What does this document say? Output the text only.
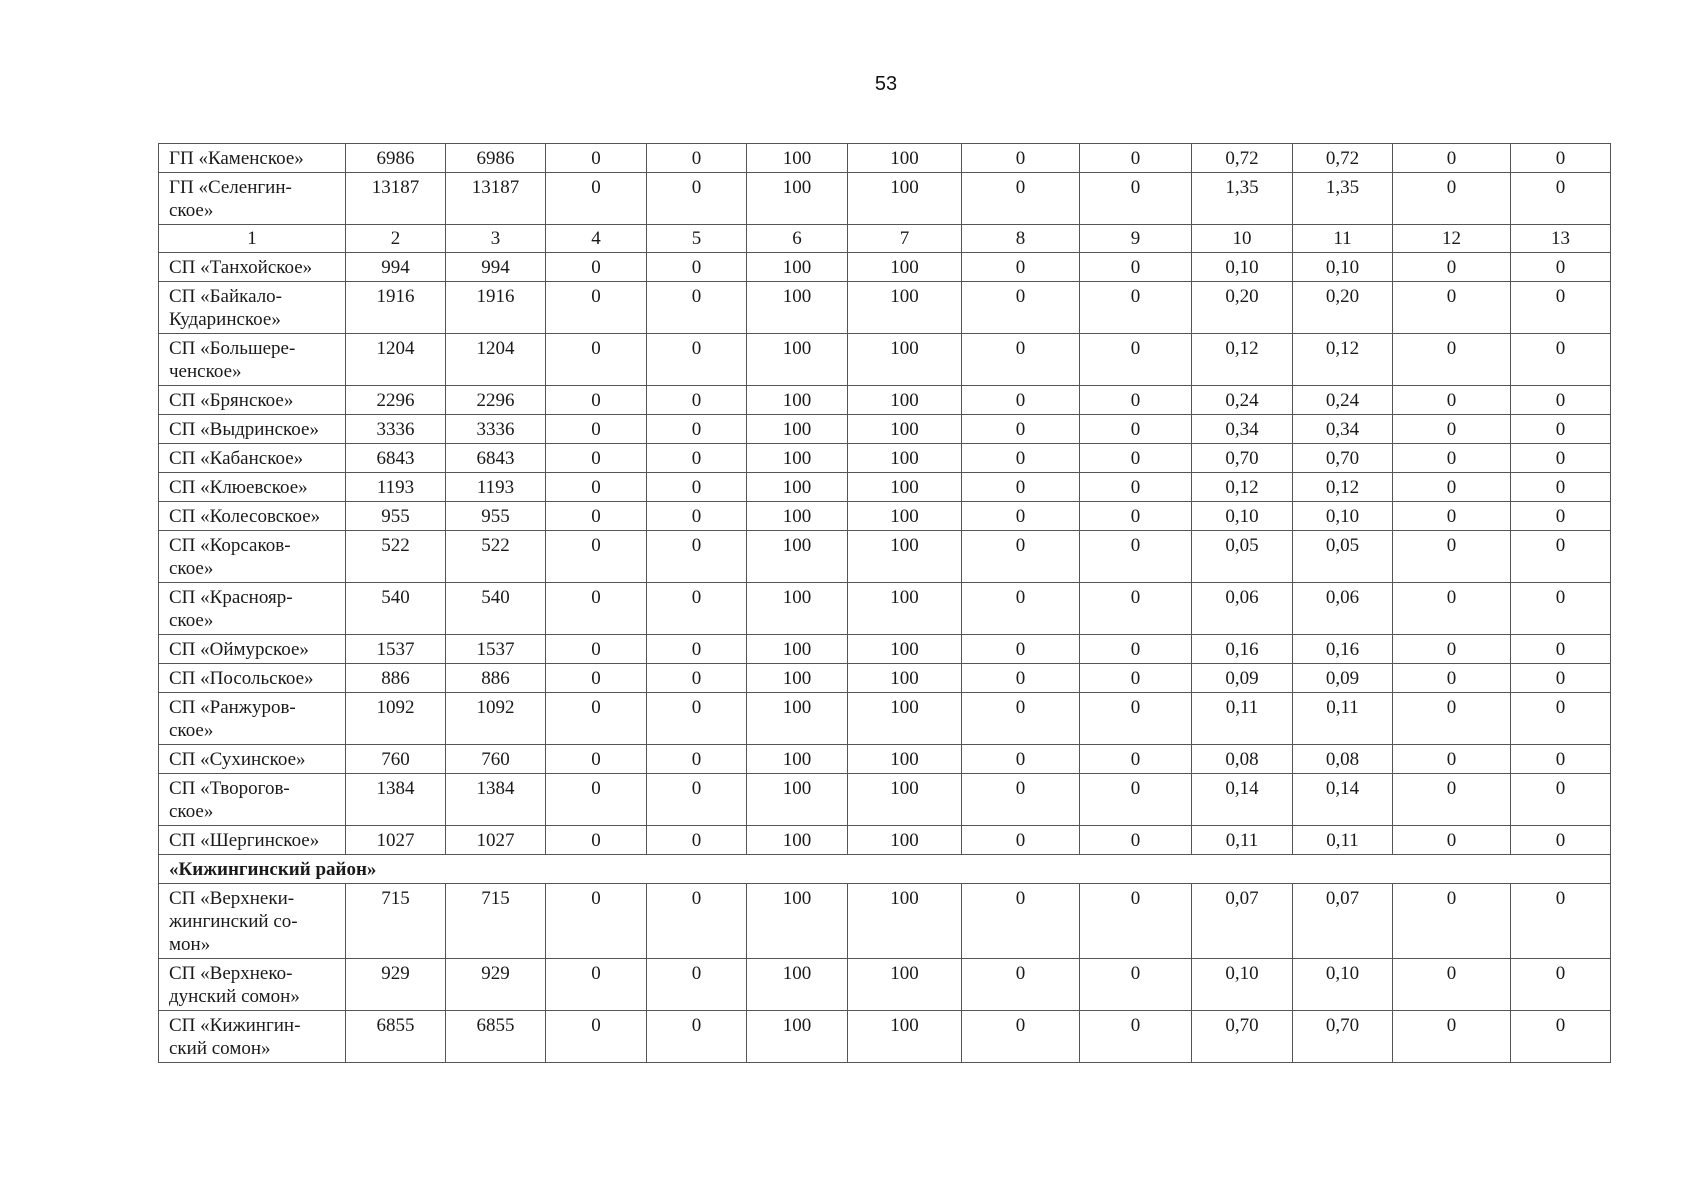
53
ГП «Каменское»	6986	6986	0	0	100	100	0	0	0,72	0,72	0	0
ГП «Селенгин-
ское»	13187	13187	0	0	100	100	0	0	1,35	1,35	0	0
1	2	3	4	5	6	7	8	9	10	11	12	13
СП «Танхойское»	994	994	0	0	100	100	0	0	0,10	0,10	0	0
СП «Байкало-
Кударинское»	1916	1916	0	0	100	100	0	0	0,20	0,20	0	0
СП «Большере-
ченское»	1204	1204	0	0	100	100	0	0	0,12	0,12	0	0
СП «Брянское»	2296	2296	0	0	100	100	0	0	0,24	0,24	0	0
СП «Выдринское»	3336	3336	0	0	100	100	0	0	0,34	0,34	0	0
СП «Кабанское»	6843	6843	0	0	100	100	0	0	0,70	0,70	0	0
СП «Клюевское»	1193	1193	0	0	100	100	0	0	0,12	0,12	0	0
СП «Колесовское»	955	955	0	0	100	100	0	0	0,10	0,10	0	0
СП «Корсаков-
ское»	522	522	0	0	100	100	0	0	0,05	0,05	0	0
СП «Краснояр-
ское»	540	540	0	0	100	100	0	0	0,06	0,06	0	0
СП «Оймурское»	1537	1537	0	0	100	100	0	0	0,16	0,16	0	0
СП «Посольское»	886	886	0	0	100	100	0	0	0,09	0,09	0	0
СП «Ранжуров-
ское»	1092	1092	0	0	100	100	0	0	0,11	0,11	0	0
СП «Сухинское»	760	760	0	0	100	100	0	0	0,08	0,08	0	0
СП «Творогов-
ское»	1384	1384	0	0	100	100	0	0	0,14	0,14	0	0
СП «Шергинское»	1027	1027	0	0	100	100	0	0	0,11	0,11	0	0
«Кижингинский район»												
СП «Верхнеки-
жингинский со-
мон»	715	715	0	0	100	100	0	0	0,07	0,07	0	0
СП «Верхнеко-
дунский сомон»	929	929	0	0	100	100	0	0	0,10	0,10	0	0
СП «Кижингин-
ский сомон»	6855	6855	0	0	100	100	0	0	0,70	0,70	0	0
